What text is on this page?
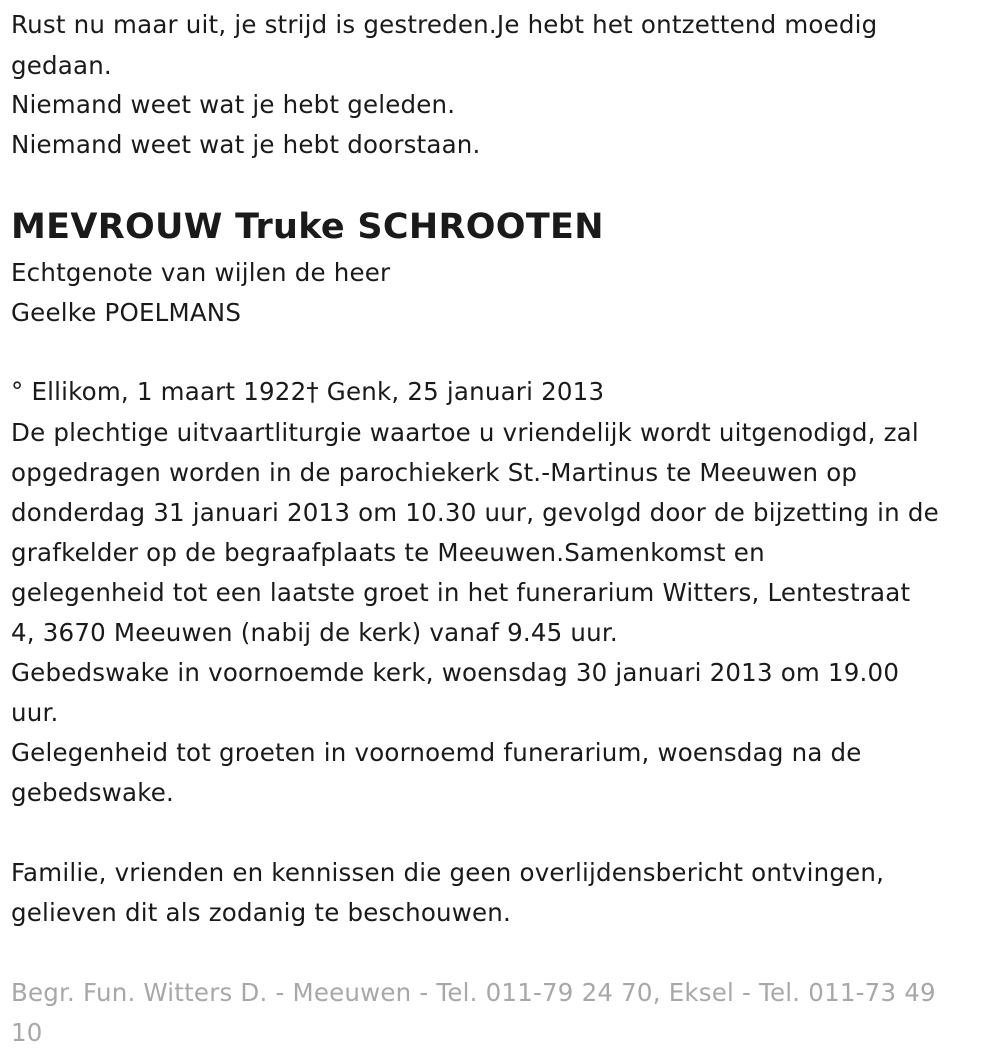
Rust nu maar uit, je strijd is gestreden.Je hebt het ontzettend moedig
gedaan.
Niemand weet wat je hebt geleden.
Niemand weet wat je hebt doorstaan.
MEVROUW Truke SCHROOTEN
Echtgenote van wijlen de heer
Geelke POELMANS
° Ellikom, 1 maart 1922† Genk, 25 januari 2013
De plechtige uitvaartliturgie waartoe u vriendelijk wordt uitgenodigd, zal
opgedragen worden in de parochiekerk St.-Martinus te Meeuwen op
donderdag 31 januari 2013 om 10.30 uur, gevolgd door de bijzetting in de
grafkelder op de begraafplaats te Meeuwen.Samenkomst en
gelegenheid tot een laatste groet in het funerarium Witters, Lentestraat
4, 3670 Meeuwen (nabij de kerk) vanaf 9.45 uur.
Gebedswake in voornoemde kerk, woensdag 30 januari 2013 om 19.00
uur.
Gelegenheid tot groeten in voornoemd funerarium, woensdag na de
gebedswake.
Familie, vrienden en kennissen die geen overlijdensbericht ontvingen,
gelieven dit als zodanig te beschouwen.
Begr. Fun. Witters D. - Meeuwen - Tel. 011-79 24 70, Eksel - Tel. 011-73 49
10
